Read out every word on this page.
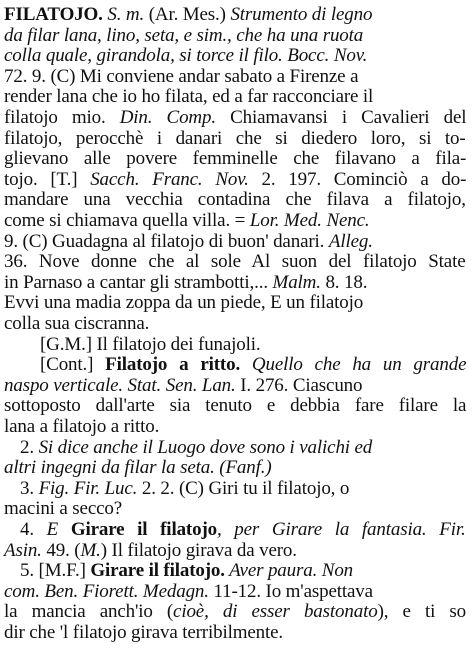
FILATOJO. S. m. (Ar. Mes.) Strumento di legno
da filar lana, lino, seta, e sim., che ha una ruota
colla quale, girandola, si torce il filo. Bocc. Nov.
72. 9. (C) Mi conviene andar sabato a Firenze a
render lana che io ho filata, ed a far racconciare il
filatojo mio. Din. Comp. Chiamavansi i Cavalieri del
filatojo, perocchè i danari che si diedero loro, si to-
glievano alle povere femminelle che filavano a fila-
tojo. [T.] Sacch. Franc. Nov. 2. 197. Cominciò a do-
mandare una vecchia contadina che filava a filatojo,
come si chiamava quella villa. = Lor. Med. Nenc.
9. (C) Guadagna al filatojo di buon' danari. Alleg.
36. Nove donne che al sole Al suon del filatojo State
in Parnaso a cantar gli strambotti,... Malm. 8. 18.
Evvi una madia zoppa da un piede, E un filatojo
colla sua ciscranna.
[G.M.] Il filatojo dei funajoli.
[Cont.] Filatojo a ritto. Quello che ha un grande
naspo verticale. Stat. Sen. Lan. I. 276. Ciascuno
sottoposto dall'arte sia tenuto e debbia fare filare la
lana a filatojo a ritto.
2. Si dice anche il Luogo dove sono i valichi ed
altri ingegni da filar la seta. (Fanf.)
3. Fig. Fir. Luc. 2. 2. (C) Giri tu il filatojo, o
macini a secco?
4. E Girare il filatojo, per Girare la fantasia. Fir.
Asin. 49. (M.) Il filatojo girava da vero.
5. [M.F.] Girare il filatojo. Aver paura. Non
com. Ben. Fiorett. Medagn. 11-12. Io m'aspettava
la mancia anch'io (cioè, di esser bastonato), e ti so
dir che 'l filatojo girava terribilmente.
